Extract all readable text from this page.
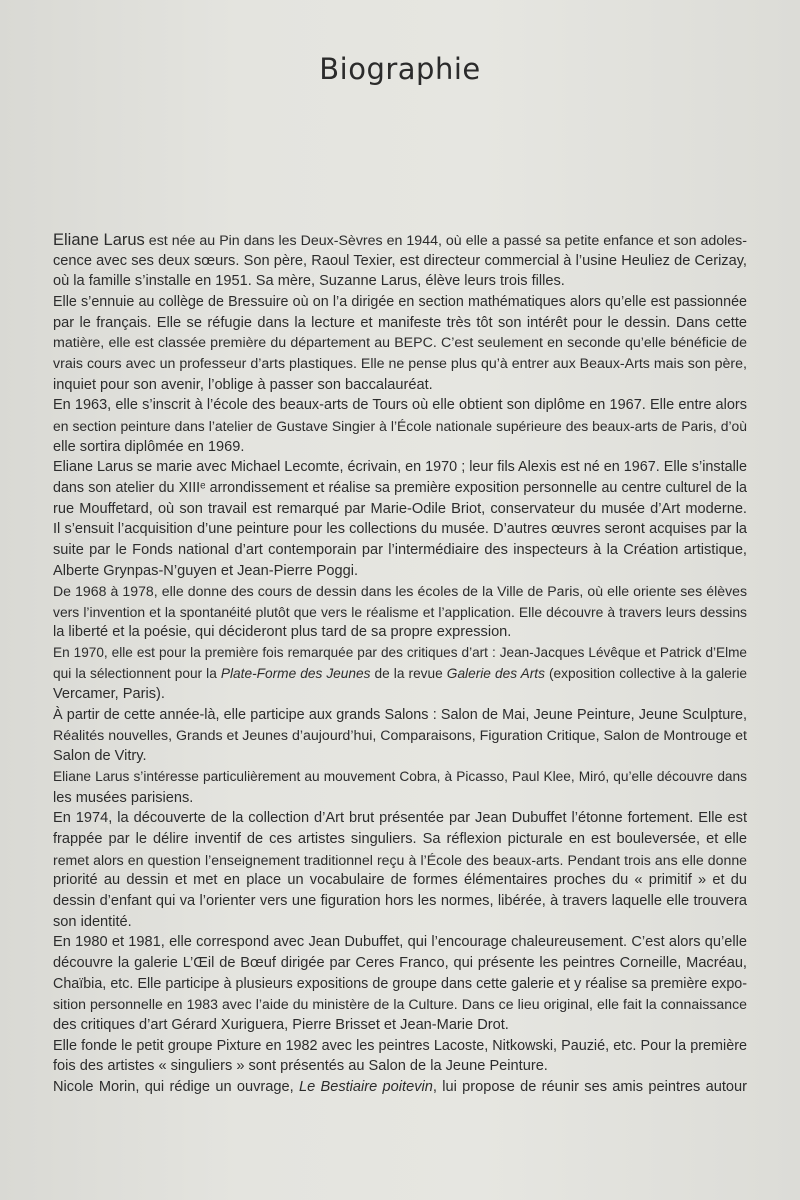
Biographie
Eliane Larus est née au Pin dans les Deux-Sèvres en 1944, où elle a passé sa petite enfance et son adoles-
cence avec ses deux sœurs. Son père, Raoul Texier, est directeur commercial à l’usine Heuliez de Cerizay,
où la famille s’installe en 1951. Sa mère, Suzanne Larus, élève leurs trois filles.
Elle s’ennuie au collège de Bressuire où on l’a dirigée en section mathématiques alors qu’elle est passionnée
par le français. Elle se réfugie dans la lecture et manifeste très tôt son intérêt pour le dessin. Dans cette
matière, elle est classée première du département au BEPC. C’est seulement en seconde qu’elle bénéficie de
vrais cours avec un professeur d’arts plastiques. Elle ne pense plus qu’à entrer aux Beaux-Arts mais son père,
inquiet pour son avenir, l’oblige à passer son baccalauréat.
En 1963, elle s’inscrit à l’école des beaux-arts de Tours où elle obtient son diplôme en 1967. Elle entre alors
en section peinture dans l’atelier de Gustave Singier à l’École nationale supérieure des beaux-arts de Paris, d’où
elle sortira diplômée en 1969.
Eliane Larus se marie avec Michael Lecomte, écrivain, en 1970 ; leur fils Alexis est né en 1967. Elle s’installe
dans son atelier du XIIIᵉ arrondissement et réalise sa première exposition personnelle au centre culturel de la
rue Mouffetard, où son travail est remarqué par Marie-Odile Briot, conservateur du musée d’Art moderne.
Il s’ensuit l’acquisition d’une peinture pour les collections du musée. D’autres œuvres seront acquises par la
suite par le Fonds national d’art contemporain par l’intermédiaire des inspecteurs à la Création artistique,
Alberte Grynpas-N’guyen et Jean-Pierre Poggi.
De 1968 à 1978, elle donne des cours de dessin dans les écoles de la Ville de Paris, où elle oriente ses élèves
vers l’invention et la spontanéité plutôt que vers le réalisme et l’application. Elle découvre à travers leurs dessins
la liberté et la poésie, qui décideront plus tard de sa propre expression.
En 1970, elle est pour la première fois remarquée par des critiques d’art : Jean-Jacques Lévêque et Patrick d’Elme
qui la sélectionnent pour la Plate-Forme des Jeunes de la revue Galerie des Arts (exposition collective à la galerie
Vercamer, Paris).
À partir de cette année-là, elle participe aux grands Salons : Salon de Mai, Jeune Peinture, Jeune Sculpture,
Réalités nouvelles, Grands et Jeunes d’aujourd’hui, Comparaisons, Figuration Critique, Salon de Montrouge et
Salon de Vitry.
Eliane Larus s’intéresse particulièrement au mouvement Cobra, à Picasso, Paul Klee, Miró, qu’elle découvre dans
les musées parisiens.
En 1974, la découverte de la collection d’Art brut présentée par Jean Dubuffet l’étonne fortement. Elle est
frappée par le délire inventif de ces artistes singuliers. Sa réflexion picturale en est bouleversée, et elle
remet alors en question l’enseignement traditionnel reçu à l’École des beaux-arts. Pendant trois ans elle donne
priorité au dessin et met en place un vocabulaire de formes élémentaires proches du « primitif » et du
dessin d’enfant qui va l’orienter vers une figuration hors les normes, libérée, à travers laquelle elle trouvera
son identité.
En 1980 et 1981, elle correspond avec Jean Dubuffet, qui l’encourage chaleureusement. C’est alors qu’elle
découvre la galerie L’Œil de Bœuf dirigée par Ceres Franco, qui présente les peintres Corneille, Macréau,
Chaïbia, etc. Elle participe à plusieurs expositions de groupe dans cette galerie et y réalise sa première expo-
sition personnelle en 1983 avec l’aide du ministère de la Culture. Dans ce lieu original, elle fait la connaissance
des critiques d’art Gérard Xuriguera, Pierre Brisset et Jean-Marie Drot.
Elle fonde le petit groupe Pixture en 1982 avec les peintres Lacoste, Nitkowski, Pauzié, etc. Pour la première
fois des artistes « singuliers » sont présentés au Salon de la Jeune Peinture.
Nicole Morin, qui rédige un ouvrage, Le Bestiaire poitevin, lui propose de réunir ses amis peintres autour
